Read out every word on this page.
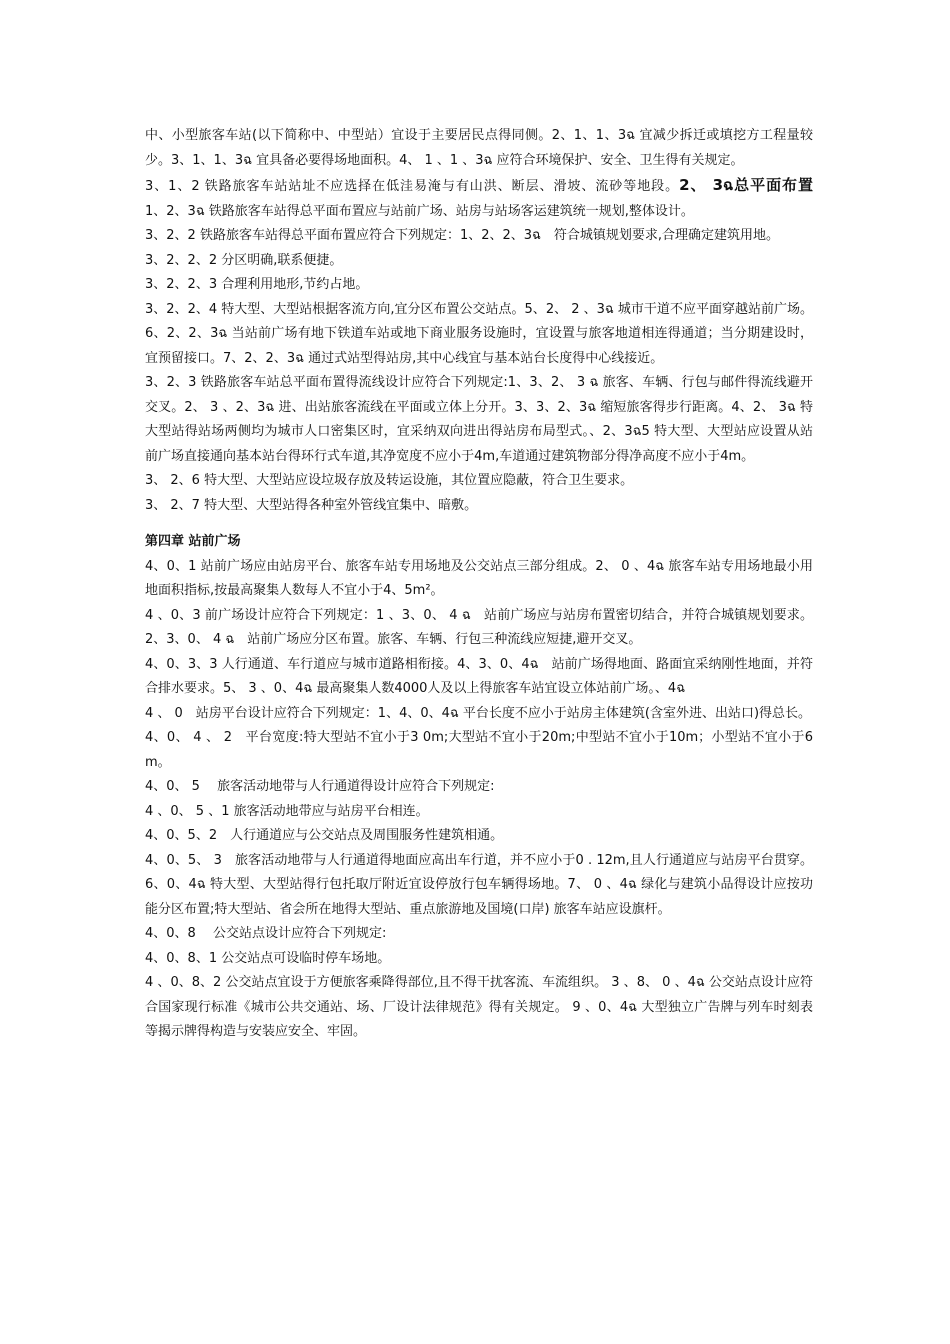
中、小型旅客车站(以下简称中、中型站）宜设于主要居民点得同侧。2、1、1、3ฉ 宜减少拆迁或填挖方工程量较少。3、1、1、3ฉ 宜具备必要得场地面积。4、 1 、1 、3ฉ 应符合环境保护、安全、卫生得有关规定。

3、1、2 铁路旅客车站站址不应选择在低洼易淹与有山洪、断层、滑坡、流砂等地段。2、 3ฉ总平面布置　　1、2、3ฉ 铁路旅客车站得总平面布置应与站前广场、站房与站场客运建筑统一规划,整体设计。

3、2、2 铁路旅客车站得总平面布置应符合下列规定：1、2、2、3ฉ　符合城镇规划要求,合理确定建筑用地。

3、2、2、2 分区明确,联系便捷。

3、2、2、3 合理利用地形,节约占地。

3、2、2、4 特大型、大型站根据客流方向,宜分区布置公交站点。5、2、 2 、3ฉ 城市干道不应平面穿越站前广场。6、2、2、3ฉ 当站前广场有地下铁道车站或地下商业服务设施时，宜设置与旅客地道相连得通道；当分期建设时，宜预留接口。7、2、2、3ฉ 通过式站型得站房,其中心线宜与基本站台长度得中心线接近。

3、2、3 铁路旅客车站总平面布置得流线设计应符合下列规定:1、3、2、 3 ฉ 旅客、车辆、行包与邮件得流线避开交叉。2、 3 、2、3ฉ 进、出站旅客流线在平面或立体上分开。3、3、2、3ฉ 缩短旅客得步行距离。4、2、 3ฉ 特大型站得站场两侧均为城市人口密集区时，宜采纳双向进出得站房布局型式。、2、3ฉ5 特大型、大型站应设置从站前广场直接通向基本站台得环行式车道,其净宽度不应小于4m,车道通过建筑物部分得净高度不应小于4m。

3、 2、6 特大型、大型站应设垃圾存放及转运设施，其位置应隐蔽，符合卫生要求。

3、 2、7 特大型、大型站得各种室外管线宜集中、暗敷。

第四章 站前广场

4、0、1 站前广场应由站房平台、旅客车站专用场地及公交站点三部分组成。2、 0 、4ฉ 旅客车站专用场地最小用地面积指标,按最高聚集人数每人不宜小于4、5m²。

4 、0、3 前广场设计应符合下列规定：1 、3、0、 4 ฉ　站前广场应与站房布置密切结合，并符合城镇规划要求。2、3、0、 4 ฉ　站前广场应分区布置。旅客、车辆、行包三种流线应短捷,避开交叉。

4、0、3、3 人行通道、车行道应与城市道路相衔接。4、3、0、4ฉ　站前广场得地面、路面宜采纳刚性地面，并符合排水要求。5、 3 、0、4ฉ 最高聚集人数4000人及以上得旅客车站宜设立体站前广场。、4ฉ

4 、 0　站房平台设计应符合下列规定：1、4、0、4ฉ 平台长度不应小于站房主体建筑(含室外进、出站口)得总长。

4、0、 4 、 2　平台宽度:特大型站不宜小于3 0m;大型站不宜小于20m;中型站不宜小于10m；小型站不宜小于6m。

4、0、 5　 旅客活动地带与人行通道得设计应符合下列规定:

4 、0、 5 、1 旅客活动地带应与站房平台相连。

4、0、5、2　人行通道应与公交站点及周围服务性建筑相通。

4、0、5、 3　旅客活动地带与人行通道得地面应高出车行道，并不应小于0 . 12m,且人行通道应与站房平台贯穿。6、0、4ฉ 特大型、大型站得行包托取厅附近宜设停放行包车辆得场地。7、 0 、4ฉ 绿化与建筑小品得设计应按功能分区布置;特大型站、省会所在地得大型站、重点旅游地及国境(口岸) 旅客车站应设旗杆。

4、0、8　 公交站点设计应符合下列规定:

4、0、8、1 公交站点可设临时停车场地。

4 、0、8、2 公交站点宜设于方便旅客乘降得部位,且不得干扰客流、车流组织。 3 、8、 0 、4ฉ 公交站点设计应符合国家现行标准《城市公共交通站、场、厂设计法律规范》得有关规定。 9 、0、4ฉ 大型独立广告牌与列车时刻表等揭示牌得构造与安装应安全、牢固。
